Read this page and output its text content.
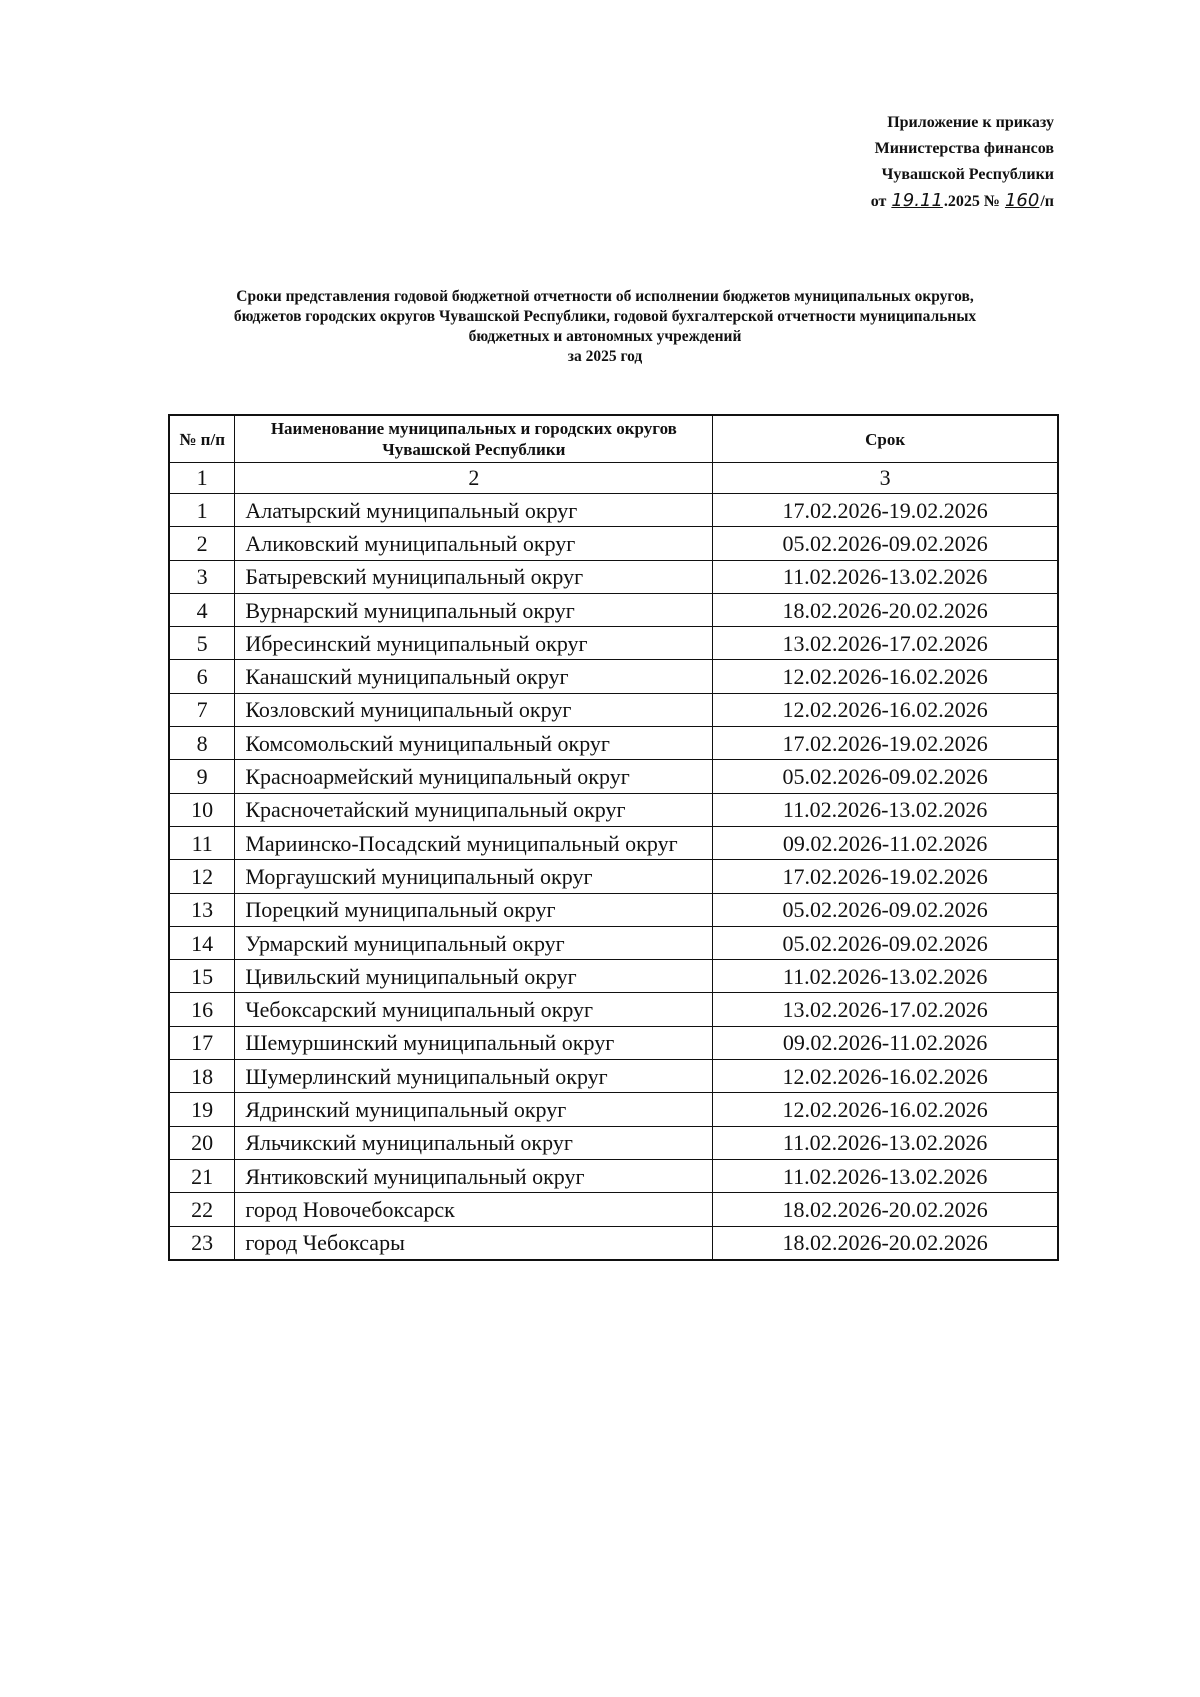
Приложение к приказу
Министерства финансов
Чувашской Республики
от 19.11.2025 № 160/п
Сроки представления годовой бюджетной отчетности об исполнении бюджетов муниципальных округов,
бюджетов городских округов Чувашской Республики, годовой бухгалтерской отчетности муниципальных
бюджетных и автономных учреждений
за 2025 год
№ п/п	Наименование муниципальных и городских округов Чувашской Республики	Срок
1	2	3
1	Алатырский муниципальный округ	17.02.2026-19.02.2026
2	Аликовский муниципальный округ	05.02.2026-09.02.2026
3	Батыревский муниципальный округ	11.02.2026-13.02.2026
4	Вурнарский муниципальный округ	18.02.2026-20.02.2026
5	Ибресинский муниципальный округ	13.02.2026-17.02.2026
6	Канашский муниципальный округ	12.02.2026-16.02.2026
7	Козловский муниципальный округ	12.02.2026-16.02.2026
8	Комсомольский муниципальный округ	17.02.2026-19.02.2026
9	Красноармейский муниципальный округ	05.02.2026-09.02.2026
10	Красночетайский муниципальный округ	11.02.2026-13.02.2026
11	Мариинско-Посадский муниципальный округ	09.02.2026-11.02.2026
12	Моргаушский муниципальный округ	17.02.2026-19.02.2026
13	Порецкий муниципальный округ	05.02.2026-09.02.2026
14	Урмарский муниципальный округ	05.02.2026-09.02.2026
15	Цивильский муниципальный округ	11.02.2026-13.02.2026
16	Чебоксарский муниципальный округ	13.02.2026-17.02.2026
17	Шемуршинский муниципальный округ	09.02.2026-11.02.2026
18	Шумерлинский муниципальный округ	12.02.2026-16.02.2026
19	Ядринский муниципальный округ	12.02.2026-16.02.2026
20	Яльчикский муниципальный округ	11.02.2026-13.02.2026
21	Янтиковский муниципальный округ	11.02.2026-13.02.2026
22	город Новочебоксарск	18.02.2026-20.02.2026
23	город Чебоксары	18.02.2026-20.02.2026
